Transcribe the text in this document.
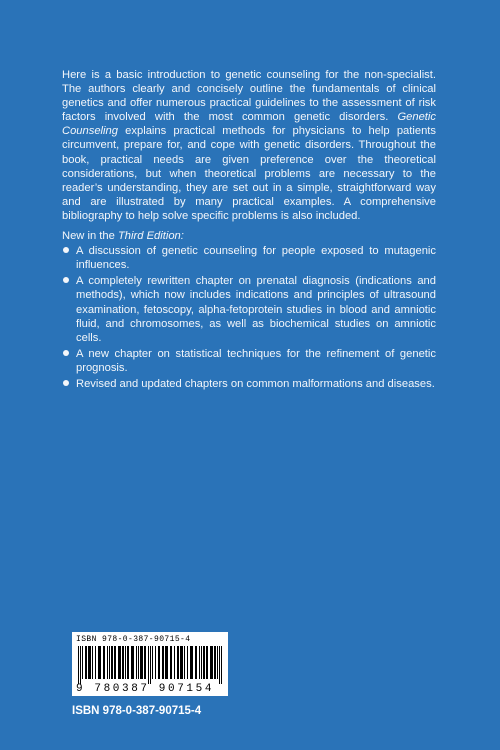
Here is a basic introduction to genetic counseling for the non-specialist. The authors clearly and concisely outline the fundamentals of clinical genetics and offer numerous practical guidelines to the assessment of risk factors involved with the most common genetic disorders. Genetic Counseling explains practical methods for physicians to help patients circumvent, prepare for, and cope with genetic disorders. Throughout the book, practical needs are given preference over the theoretical considerations, but when theoretical problems are necessary to the reader’s understanding, they are set out in a simple, straightforward way and are illustrated by many practical examples. A comprehensive bibliography to help solve specific problems is also included.

New in the Third Edition:

A discussion of genetic counseling for people exposed to mutagenic influences.
A completely rewritten chapter on prenatal diagnosis (indications and methods), which now includes indications and principles of ultrasound examination, fetoscopy, alpha-fetoprotein studies in blood and amniotic fluid, and chromosomes, as well as biochemical studies on amniotic cells.
A new chapter on statistical techniques for the refinement of genetic prognosis.
Revised and updated chapters on common malformations and diseases.
ISBN 978-0-387-90715-4
9 780387 907154
ISBN 978-0-387-90715-4
